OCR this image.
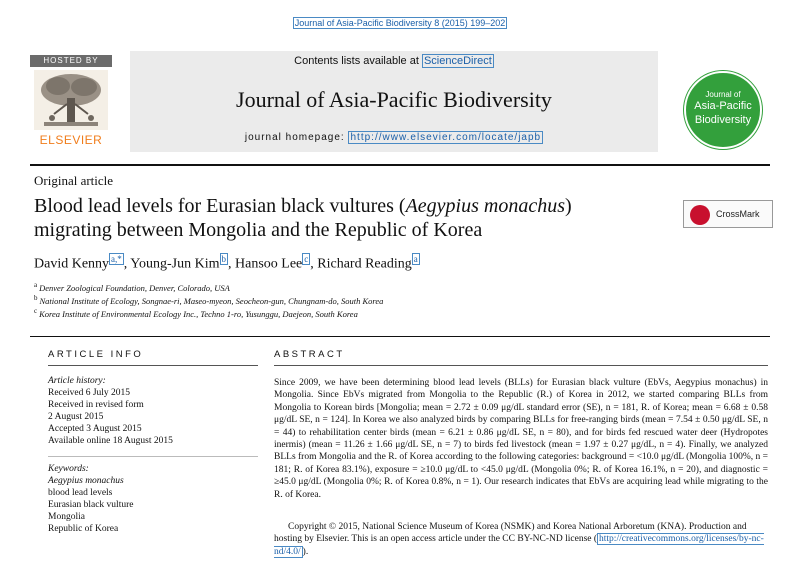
Journal of Asia-Pacific Biodiversity 8 (2015) 199–202
HOSTED BY
ELSEVIER
Contents lists available at ScienceDirect
Journal of Asia-Pacific Biodiversity
journal homepage: http://www.elsevier.com/locate/japb
Journal of
Asia-Pacific
Biodiversity
Original article
Blood lead levels for Eurasian black vultures (Aegypius monachus)
migrating between Mongolia and the Republic of Korea
CrossMark
David Kenny $^{a,*}$ , Young-Jun Kim $^b$ , Hansoo Lee $^c$ , Richard Reading $^a$
$^a$ Denver Zoological Foundation, Denver, Colorado, USA
$^b$ National Institute of Ecology, Songnae-ri, Maseo-myeon, Seocheon-gun, Chungnam-do, South Korea
$^c$ Korea Institute of Environmental Ecology Inc., Techno 1-ro, Yusunggu, Daejeon, South Korea
ARTICLE INFO
Article history:
Received 6 July 2015
Received in revised form
2 August 2015
Accepted 3 August 2015
Available online 18 August 2015
Keywords:
Aegypius monachus
blood lead levels
Eurasian black vulture
Mongolia
Republic of Korea
ABSTRACT
Since 2009, we have been determining blood lead levels (BLLs) for Eurasian black vulture (EbVs, Aegypius monachus) in Mongolia. Since EbVs migrated from Mongolia to the Republic (R.) of Korea in 2012, we started comparing BLLs from Mongolia to Korean birds [Mongolia; mean = 2.72 ± 0.09 μg/dL standard error (SE), n = 181, R. of Korea; mean = 6.68 ± 0.58 μg/dL SE, n = 124]. In Korea we also analyzed birds by comparing BLLs for free-ranging birds (mean = 7.54 ± 0.50 μg/dL SE, n = 44) to rehabilitation center birds (mean = 6.21 ± 0.86 μg/dL SE, n = 80), and for birds fed rescued water deer (Hydropotes inermis) (mean = 11.26 ± 1.66 μg/dL SE, n = 7) to birds fed livestock (mean = 1.97 ± 0.27 μg/dL, n = 4). Finally, we analyzed BLLs from Mongolia and the R. of Korea according to the following categories: background = <10.0 μg/dL (Mongolia 100%, n = 181; R. of Korea 83.1%), exposure = ≥10.0 μg/dL to <45.0 μg/dL (Mongolia 0%; R. of Korea 16.1%, n = 20), and diagnostic = ≥45.0 μg/dL (Mongolia 0%; R. of Korea 0.8%, n = 1). Our research indicates that EbVs are acquiring lead while migrating to the R. of Korea.
Copyright © 2015, National Science Museum of Korea (NSMK) and Korea National Arboretum (KNA). Production and hosting by Elsevier. This is an open access article under the CC BY-NC-ND license ( http://creativecommons.org/licenses/by-nc-nd/4.0/ ).
